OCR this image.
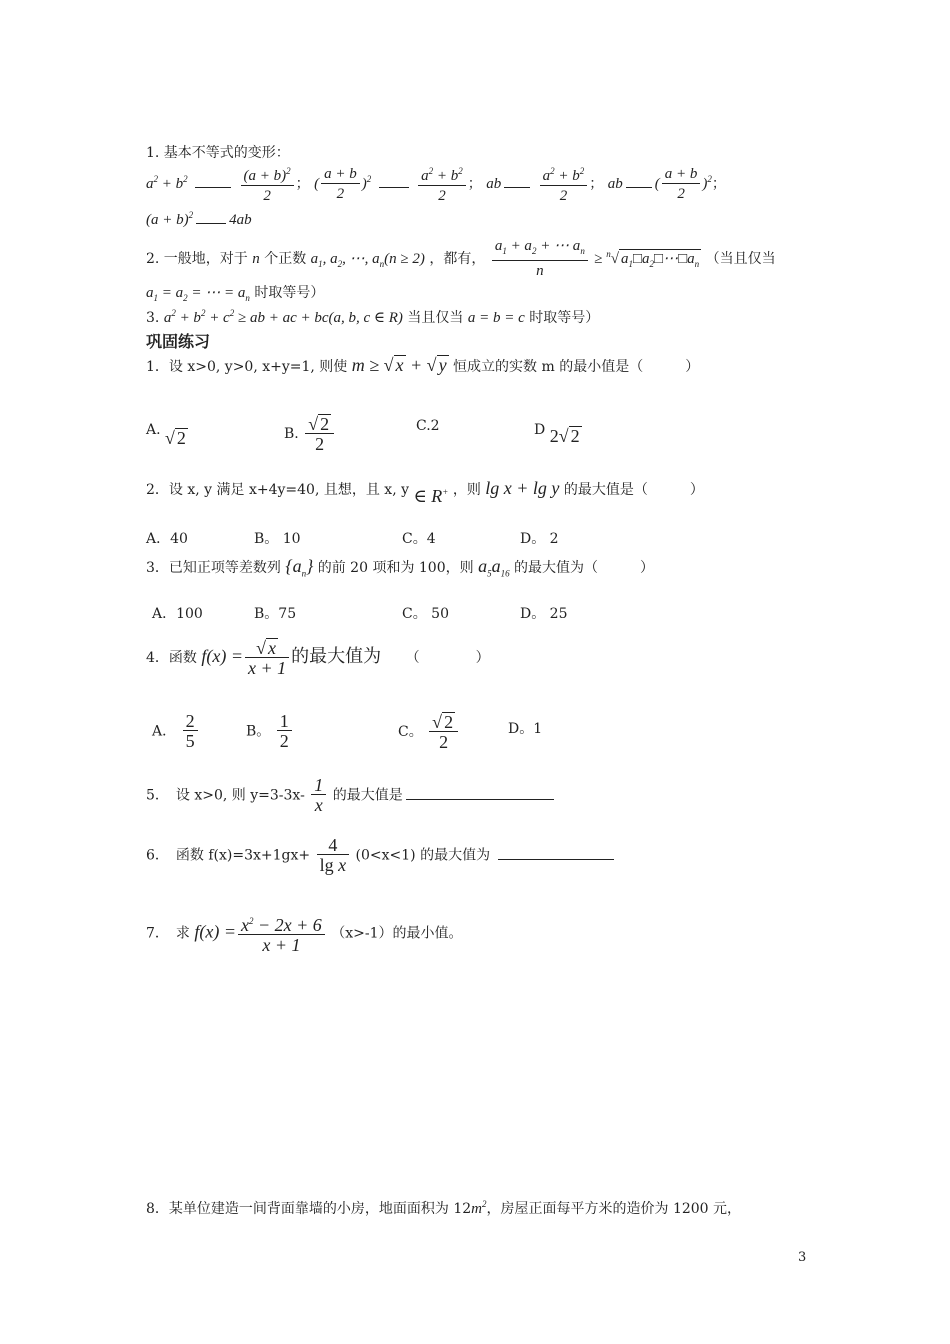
1. 基本不等式的变形：
$a^2 + b^2$	$\frac{(a + b)^2}{2}$ ； ( $\frac{a + b}{2} )^2$	$\frac{a^2 + b^2}{2}$ ； ab	$\frac{a^2 + b^2}{2}$ ； ab ( $\frac{a + b}{2} )^2$；
$(a + b)^2$ 4ab
2. 一般地，对于 n 个正数 $a_1$, $a_2$, ⋯, $a_n(n \ge 2)$ ，都有， $\frac{a_1 + a_2 + \cdots a_n}{n} \ge ^n√$ $a_1□a_2□\cdots□a_n$ （当且仅当
$a_1 = a_2$ = ⋯ = $a_n$ 时取等号）
3. $a^2 + b^2 + c^2$ ≥ ab + ac + bc(a, b, c ∈ R) 当且仅当 a = b = c 时取等号）
巩固练习
1．设 x>0, y>0, x+y=1, 则使 m ≥ √ x + √ y 恒成立的实数 m 的最小值是（　　　）
A. √ 2	B. $\frac{√ 2}{2}$	C.2	D 2√ 2
2．设 x, y 满足 x+4y=40, 且想，且 x, y ∈ R+ ，则 lg x + lg y 的最大值是（　　　）
A．40	B。 10	C。4	D。 2
3．已知正项等差数列 $\{a_n\}$ 的前 20 项和为 100，则 $a_5a_{16}$ 的最大值为（　　　）
A．100	B。75	C。 50	D。 25
4．函数 $f(x) = \frac{√ x}{x + 1}$ 的最大值为 （　　　　）
A． $\frac{2}{5}$	B。 $\frac{1}{2}$	C。 $\frac{√ 2}{2}$	D。1
5．　设 x>0, 则 $y=3-3x- \frac{1}{x}$ 的最大值是
6．　函数 $f(x)=3x+1gx+ \frac{4}{\text{lg x}} (0<x<1)$ 的最大值为
7．　求 $f(x) = \frac{x^2 - 2x + 6}{x + 1} (x>-1)$的最小值。
8．某单位建造一间背面靠墙的小房，地面面积为 $12m^2$，房屋正面每平方米的造价为 1200 元，
3
